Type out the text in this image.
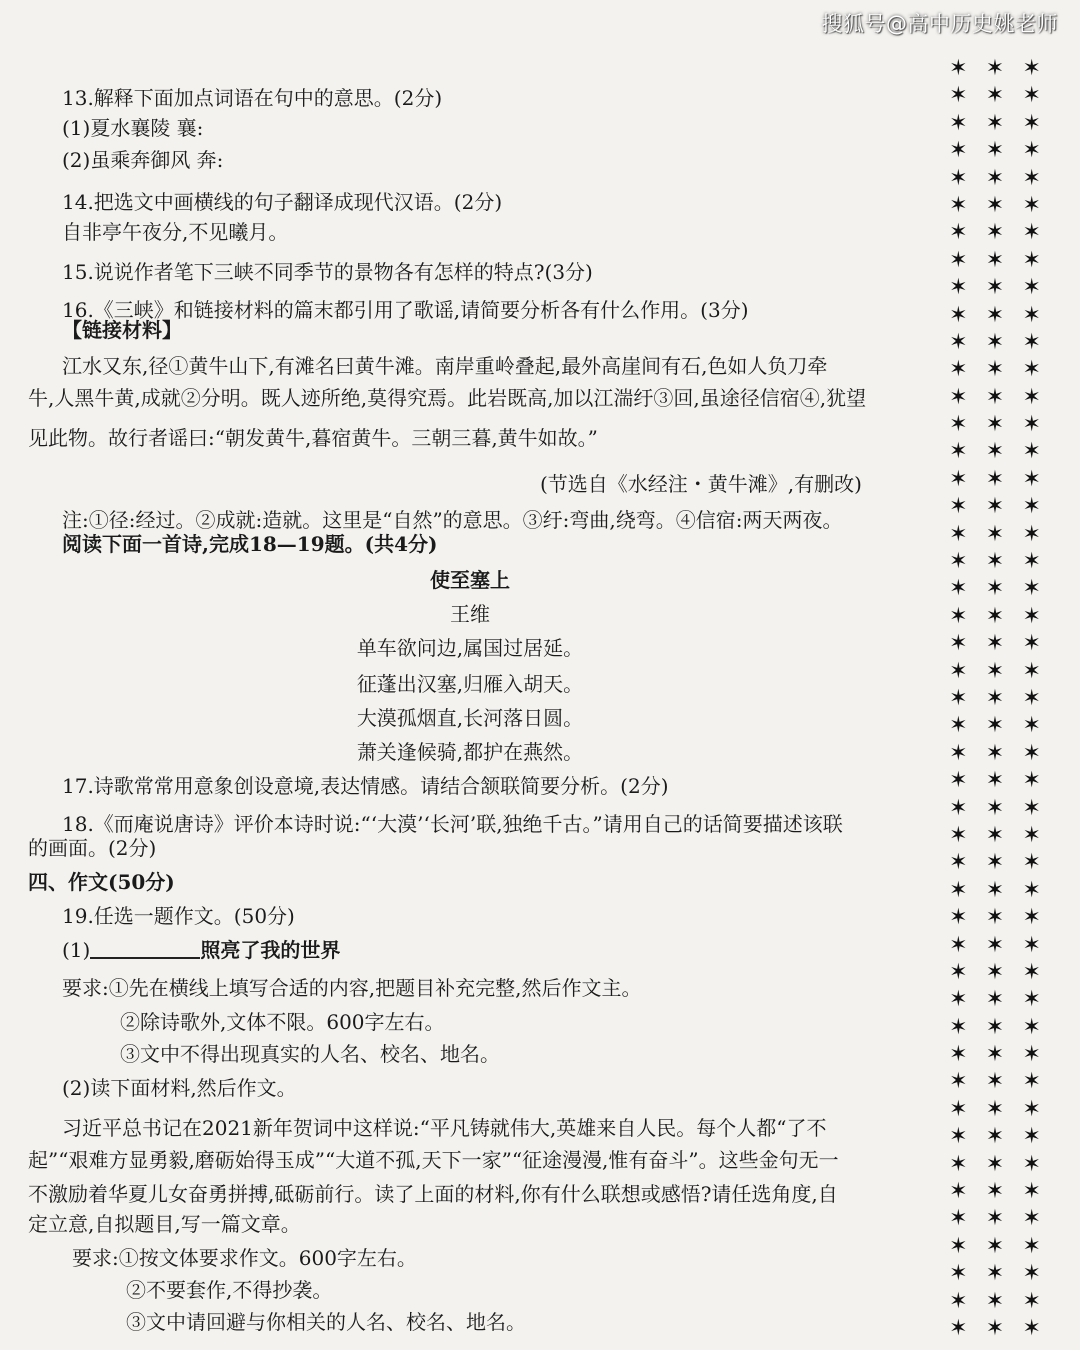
搜狐号@高中历史姚老师
13.解释下面加点词语在句中的意思。(2分)
(1)夏水襄陵 襄:
(2)虽乘奔御风 奔:
14.把选文中画横线的句子翻译成现代汉语。(2分)
自非亭午夜分,不见曦月。
15.说说作者笔下三峡不同季节的景物各有怎样的特点?(3分)
16.《三峡》和链接材料的篇末都引用了歌谣,请简要分析各有什么作用。(3分)
【链接材料】
江水又东,径①黄牛山下,有滩名曰黄牛滩。南岸重岭叠起,最外高崖间有石,色如人负刀牵
牛,人黑牛黄,成就②分明。既人迹所绝,莫得究焉。此岩既高,加以江湍纡③回,虽途径信宿④,犹望
见此物。故行者谣曰:“朝发黄牛,暮宿黄牛。三朝三暮,黄牛如故。”
(节选自《水经注・黄牛滩》,有删改)
注:①径:经过。②成就:造就。这里是“自然”的意思。③纡:弯曲,绕弯。④信宿:两天两夜。
阅读下面一首诗,完成18—19题。(共4分)
使至塞上
王维
单车欲问边,属国过居延。
征蓬出汉塞,归雁入胡天。
大漠孤烟直,长河落日圆。
萧关逢候骑,都护在燕然。
17.诗歌常常用意象创设意境,表达情感。请结合颔联简要分析。(2分)
18.《而庵说唐诗》评价本诗时说:“‘大漠’‘长河’联,独绝千古。”请用自己的话简要描述该联
的画面。(2分)
四、作文(50分)
19.任选一题作文。(50分)
(1)	照亮了我的世界
要求:①先在横线上填写合适的内容,把题目补充完整,然后作文主。
②除诗歌外,文体不限。600字左右。
③文中不得出现真实的人名、校名、地名。
(2)读下面材料,然后作文。
习近平总书记在2021新年贺词中这样说:“平凡铸就伟大,英雄来自人民。每个人都“了不
起”“艰难方显勇毅,磨砺始得玉成”“大道不孤,天下一家”“征途漫漫,惟有奋斗”。这些金句无一
不激励着华夏儿女奋勇拼搏,砥砺前行。读了上面的材料,你有什么联想或感悟?请任选角度,自
定立意,自拟题目,写一篇文章。
要求:①按文体要求作文。600字左右。
②不要套作,不得抄袭。
③文中请回避与你相关的人名、校名、地名。
✶ ✶ ✶
✶ ✶ ✶
✶ ✶ ✶
✶ ✶ ✶
✶ ✶ ✶
✶ ✶ ✶
✶ ✶ ✶
✶ ✶ ✶
✶ ✶ ✶
✶ ✶ ✶
✶ ✶ ✶
✶ ✶ ✶
✶ ✶ ✶
✶ ✶ ✶
✶ ✶ ✶
✶ ✶ ✶
✶ ✶ ✶
✶ ✶ ✶
✶ ✶ ✶
✶ ✶ ✶
✶ ✶ ✶
✶ ✶ ✶
✶ ✶ ✶
✶ ✶ ✶
✶ ✶ ✶
✶ ✶ ✶
✶ ✶ ✶
✶ ✶ ✶
✶ ✶ ✶
✶ ✶ ✶
✶ ✶ ✶
✶ ✶ ✶
✶ ✶ ✶
✶ ✶ ✶
✶ ✶ ✶
✶ ✶ ✶
✶ ✶ ✶
✶ ✶ ✶
✶ ✶ ✶
✶ ✶ ✶
✶ ✶ ✶
✶ ✶ ✶
✶ ✶ ✶
✶ ✶ ✶
✶ ✶ ✶
✶ ✶ ✶
✶ ✶ ✶
